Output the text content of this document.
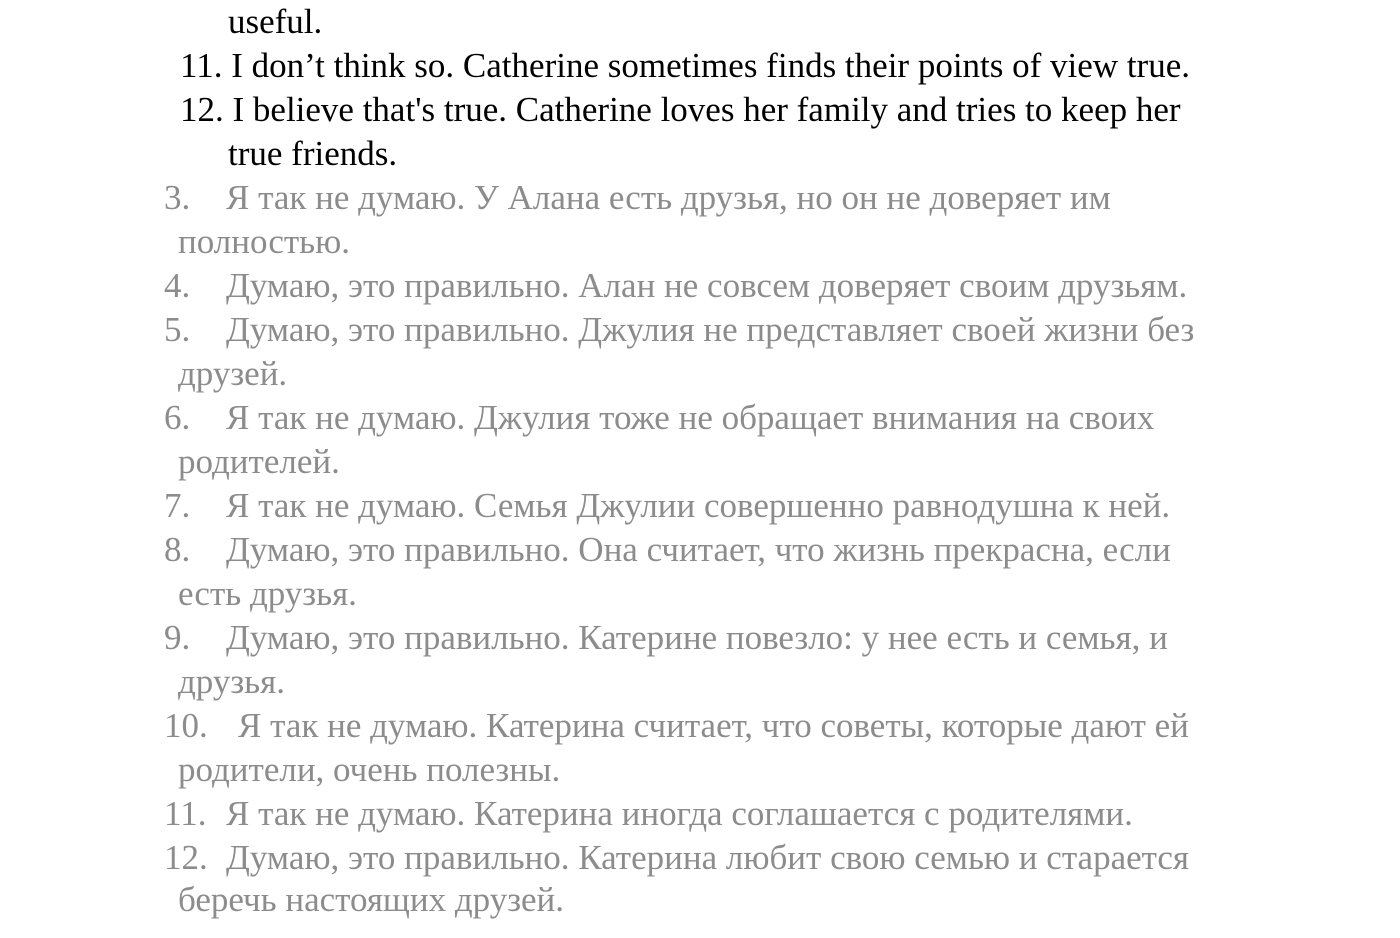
useful.
11. I don’t think so. Catherine sometimes finds their points of view true.
12. I believe that's true. Catherine loves her family and tries to keep her
true friends.
3. Я так не думаю. У Алана есть друзья, но он не доверяет им
полностью.
4. Думаю, это правильно. Алан не совсем доверяет своим друзьям.
5. Думаю, это правильно. Джулия не представляет своей жизни без
друзей.
6. Я так не думаю. Джулия тоже не обращает внимания на своих
родителей.
7. Я так не думаю. Семья Джулии совершенно равнодушна к ней.
8. Думаю, это правильно. Она считает, что жизнь прекрасна, если
есть друзья.
9. Думаю, это правильно. Катерине повезло: у нее есть и семья, и
друзья.
10. Я так не думаю. Катерина считает, что советы, которые дают ей
родители, очень полезны.
11. Я так не думаю. Катерина иногда соглашается с родителями.
12. Думаю, это правильно. Катерина любит свою семью и старается
беречь настоящих друзей.
